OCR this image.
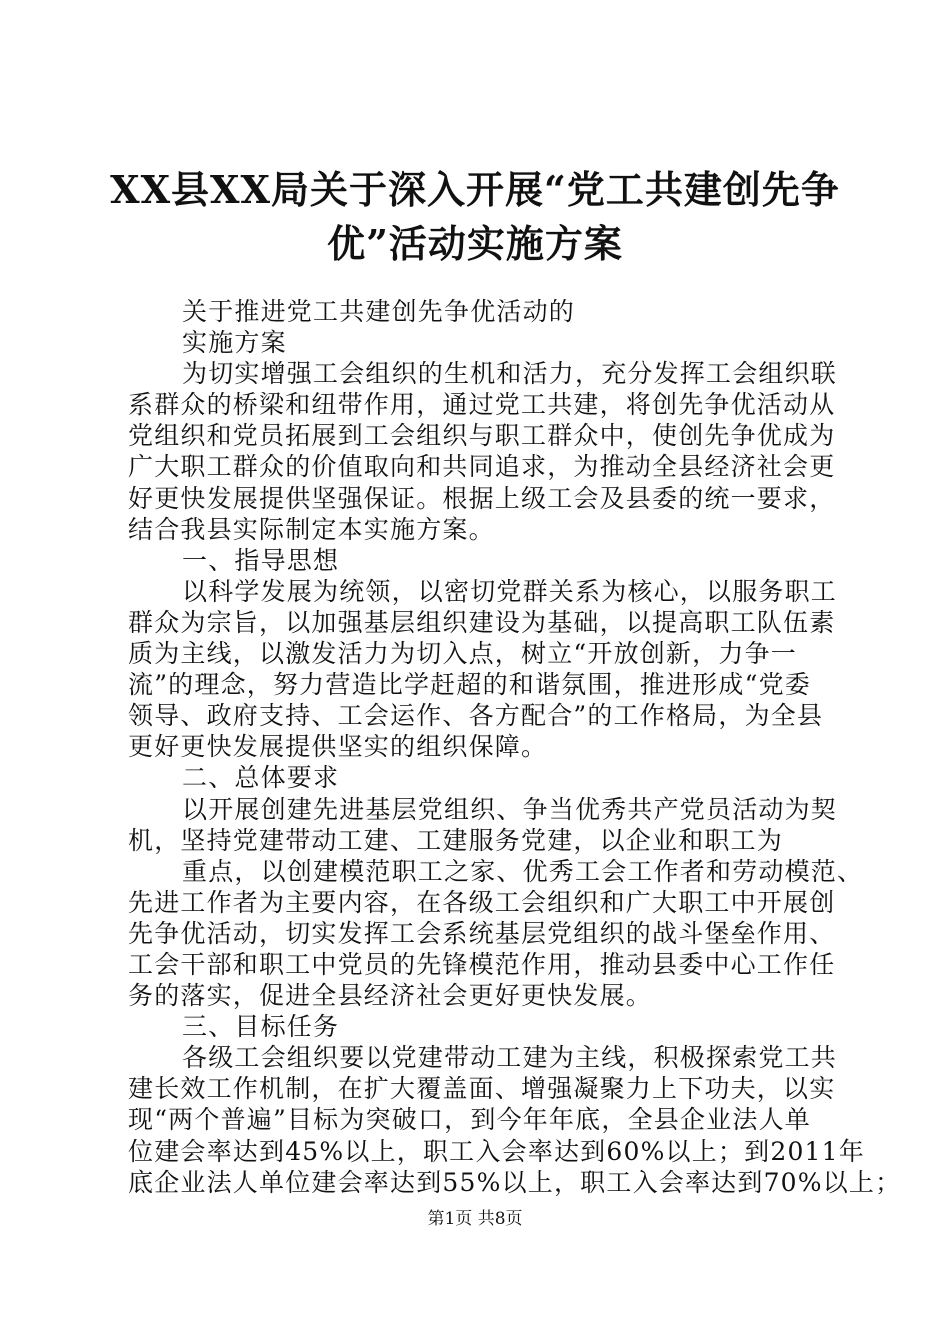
XX县XX局关于深入开展“党工共建创先争
优”活动实施方案
关于推进党工共建创先争优活动的
实施方案
为切实增强工会组织的生机和活力，充分发挥工会组织联
系群众的桥梁和纽带作用，通过党工共建，将创先争优活动从
党组织和党员拓展到工会组织与职工群众中，使创先争优成为
广大职工群众的价值取向和共同追求，为推动全县经济社会更
好更快发展提供坚强保证。根据上级工会及县委的统一要求，
结合我县实际制定本实施方案。
一、指导思想
以科学发展为统领，以密切党群关系为核心，以服务职工
群众为宗旨，以加强基层组织建设为基础，以提高职工队伍素
质为主线，以激发活力为切入点，树立“开放创新，力争一
流”的理念，努力营造比学赶超的和谐氛围，推进形成“党委
领导、政府支持、工会运作、各方配合”的工作格局，为全县
更好更快发展提供坚实的组织保障。
二、总体要求
以开展创建先进基层党组织、争当优秀共产党员活动为契
机，坚持党建带动工建、工建服务党建，以企业和职工为
重点，以创建模范职工之家、优秀工会工作者和劳动模范、
先进工作者为主要内容，在各级工会组织和广大职工中开展创
先争优活动，切实发挥工会系统基层党组织的战斗堡垒作用、
工会干部和职工中党员的先锋模范作用，推动县委中心工作任
务的落实，促进全县经济社会更好更快发展。
三、目标任务
各级工会组织要以党建带动工建为主线，积极探索党工共
建长效工作机制，在扩大覆盖面、增强凝聚力上下功夫，以实
现“两个普遍”目标为突破口，到今年年底，全县企业法人单
位建会率达到45%以上，职工入会率达到60%以上；到2011年
底企业法人单位建会率达到55%以上，职工入会率达到70%以上；
第1页 共8页
